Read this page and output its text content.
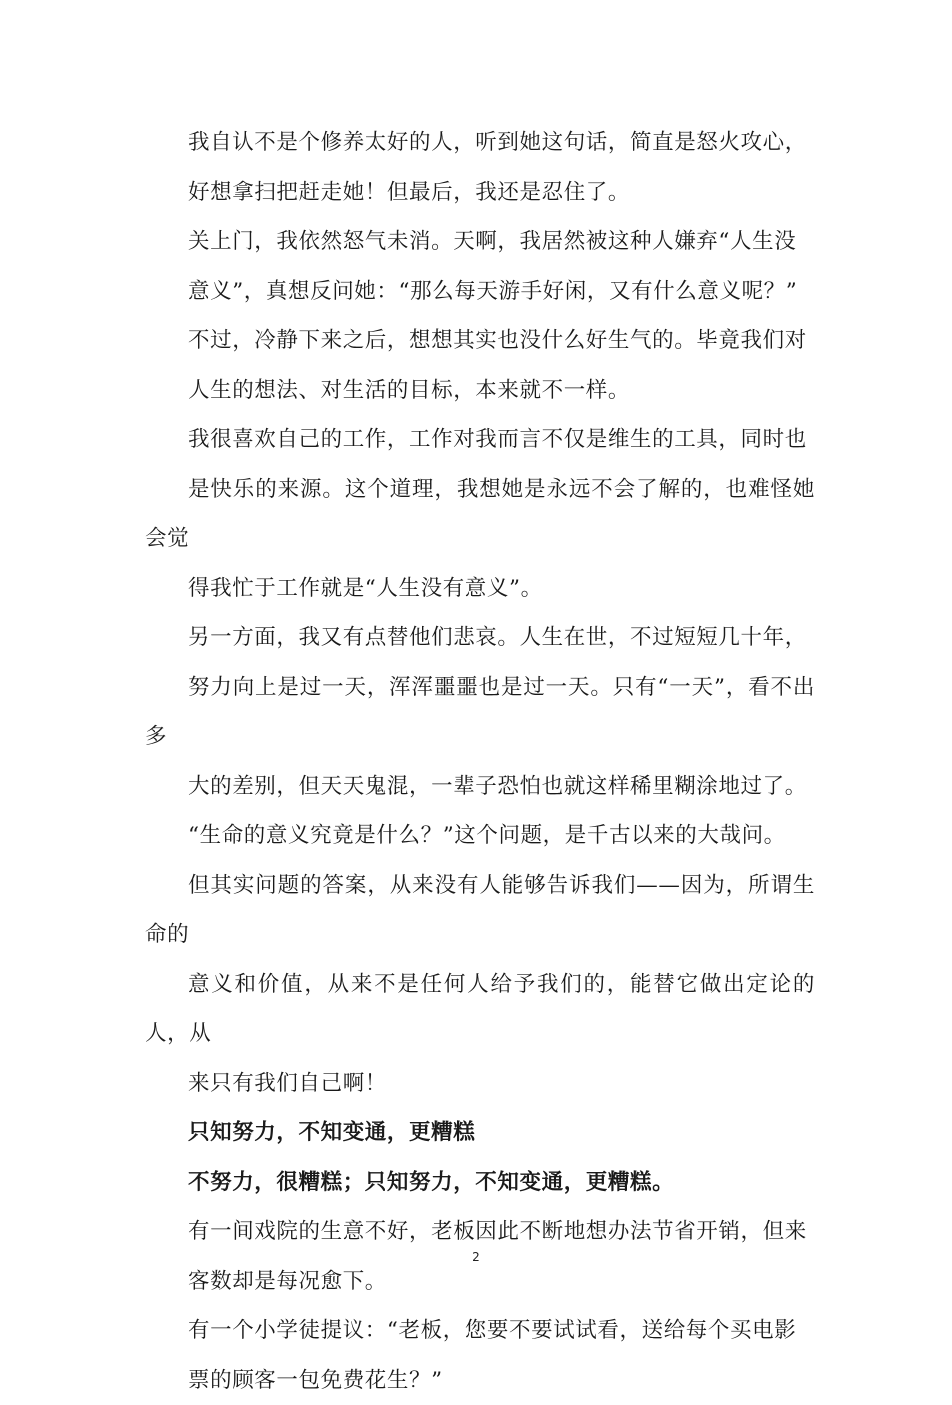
我自认不是个修养太好的人，听到她这句话，简直是怒火攻心，
好想拿扫把赶走她！但最后，我还是忍住了。

关上门，我依然怒气未消。天啊，我居然被这种人嫌弃“人生没
意义”，真想反问她：“那么每天游手好闲，又有什么意义呢？”

不过，冷静下来之后，想想其实也没什么好生气的。毕竟我们对
人生的想法、对生活的目标，本来就不一样。

我很喜欢自己的工作，工作对我而言不仅是维生的工具，同时也
是快乐的来源。这个道理，我想她是永远不会了解的，也难怪她会觉
得我忙于工作就是“人生没有意义”。

另一方面，我又有点替他们悲哀。人生在世，不过短短几十年，
努力向上是过一天，浑浑噩噩也是过一天。只有“一天”，看不出多
大的差别，但天天鬼混，一辈子恐怕也就这样稀里糊涂地过了。

“生命的意义究竟是什么？”这个问题，是千古以来的大哉问。
但其实问题的答案，从来没有人能够告诉我们——因为，所谓生命的
意义和价值，从来不是任何人给予我们的，能替它做出定论的人，从
来只有我们自己啊！

只知努力，不知变通，更糟糕

不努力，很糟糕；只知努力，不知变通，更糟糕。

有一间戏院的生意不好，老板因此不断地想办法节省开销，但来
客数却是每况愈下。

有一个小学徒提议：“老板，您要不要试试看，送给每个买电影
票的顾客一包免费花生？”

2
